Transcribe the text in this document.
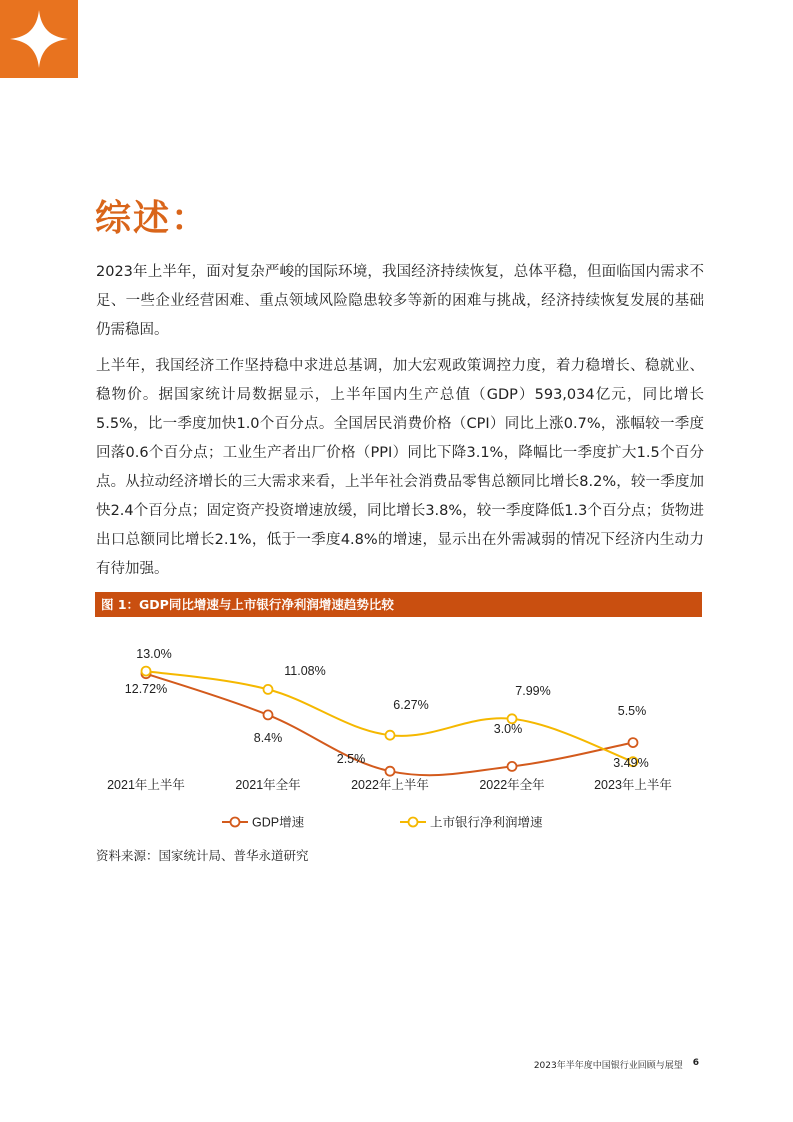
综述：

2023年上半年，面对复杂严峻的国际环境，我国经济持续恢复，总体平稳，但面临国内需求不足、一些企业经营困难、重点领域风险隐患较多等新的困难与挑战，经济持续恢复发展的基础仍需稳固。

上半年，我国经济工作坚持稳中求进总基调，加大宏观政策调控力度，着力稳增长、稳就业、稳物价。据国家统计局数据显示，上半年国内生产总值（GDP）593,034亿元，同比增长5.5%，比一季度加快1.0个百分点。全国居民消费价格（CPI）同比上涨0.7%，涨幅较一季度回落0.6个百分点；工业生产者出厂价格（PPI）同比下降3.1%，降幅比一季度扩大1.5个百分点。从拉动经济增长的三大需求来看，上半年社会消费品零售总额同比增长8.2%，较一季度加快2.4个百分点；固定资产投资增速放缓，同比增长3.8%，较一季度降低1.3个百分点；货物进出口总额同比增长2.1%，低于一季度4.8%的增速，显示出在外需减弱的情况下经济内生动力有待加强。

图 1：GDP同比增速与上市银行净利润增速趋势比较
12.72%
8.4%
2.5%
3.0%
5.5%
13.0%
11.08%
6.27%
7.99%
3.49%
2021年上半年	2021年全年	2022年上半年	2022年全年	2023年上半年
GDP增速	上市银行净利润增速
资料来源：国家统计局、普华永道研究
2023年半年度中国银行业回顾与展望 6
